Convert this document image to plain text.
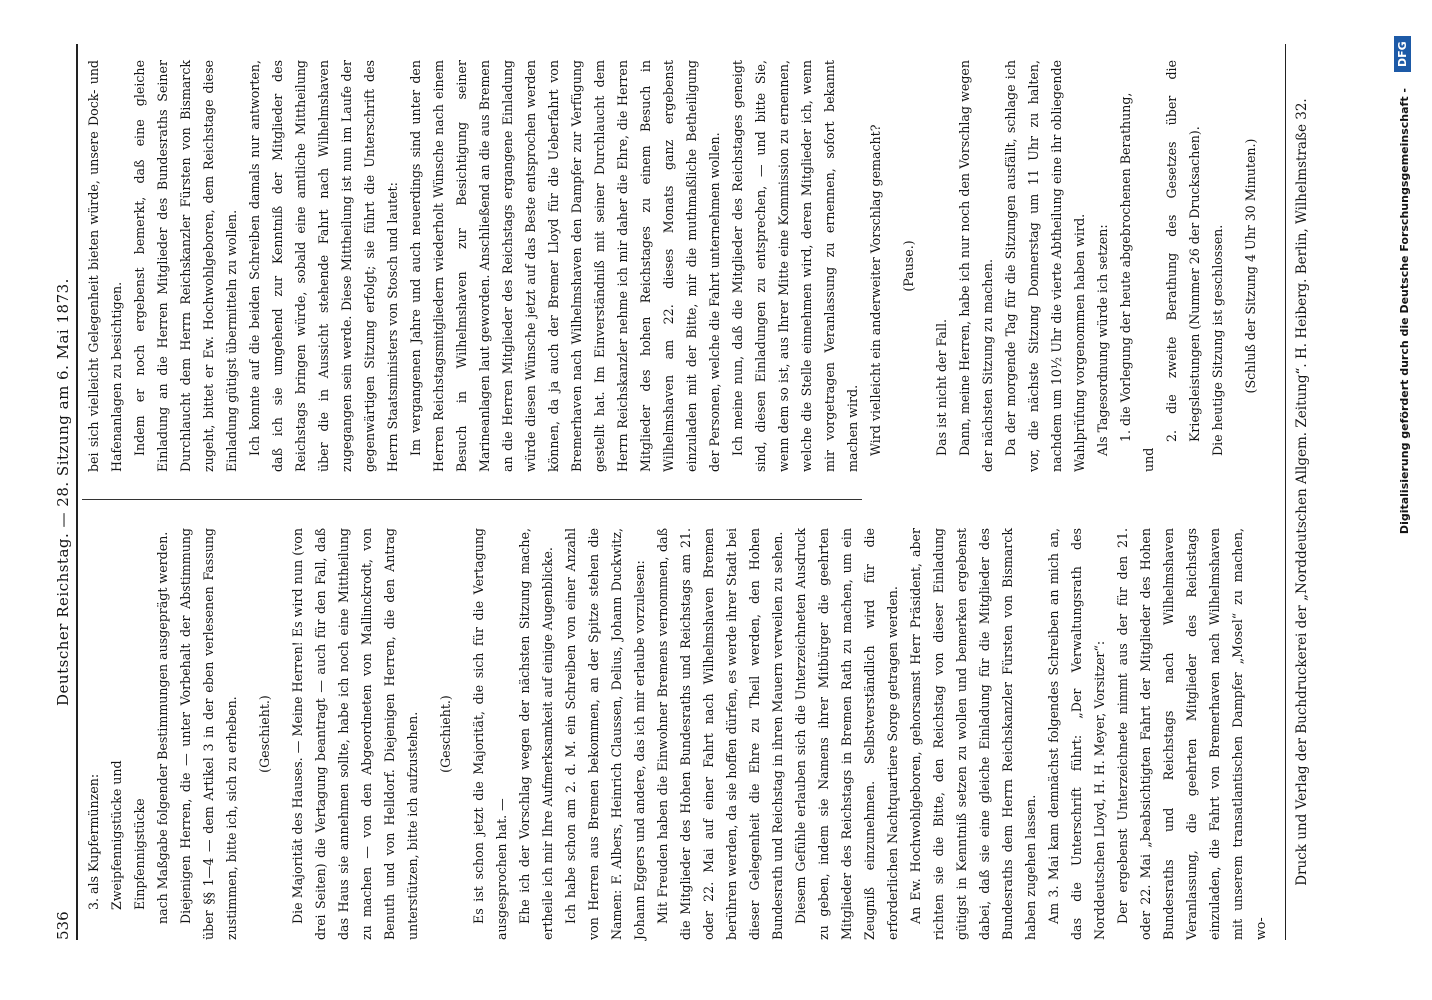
536
Deutscher Reichstag. — 28. Sitzung am 6. Mai 1873.

3. als Kupfermünzen: Zweipfennigstücke und Einpfennigstücke nach Maßgabe folgender Bestimmungen ausgeprägt werden. Diejenigen Herren, die — unter Vorbehalt der Abstimmung über §§ 1—4 — dem Artikel 3 in der eben verlesenen Fassung zustimmen, bitte ich, sich zu erheben.	(Geschieht.)	Die Majorität des Hauses. — Meine Herren! Es wird nun (von drei Seiten) die Vertagung beantragt — auch für den Fall, daß das Haus sie annehmen sollte, habe ich noch eine Mittheilung zu machen — von den Abgeordneten von Mallinckrodt, von Benuth und von Helldorf. Diejenigen Herren, die den Antrag unterstützen, bitte ich aufzustehen.	(Geschieht.)	Es ist schon jetzt die Majorität, die sich für die Vertagung ausgesprochen hat. — Ehe ich der Vorschlag wegen der nächsten Sitzung mache, ertheile ich mir Ihre Aufmerksamkeit auf einige Augenblicke. Ich habe schon am 2. d. M. ein Schreiben von einer Anzahl von Herren aus Bremen bekommen, an der Spitze stehen die Namen: F. Albers, Heinrich Claussen, Delius, Johann Duckwitz, Johann Eggers und andere, das ich mir erlaube vorzulesen: Mit Freuden haben die Einwohner Bremens vernommen, daß die Mitglieder des Hohen Bundesraths und Reichstags am 21. oder 22. Mai auf einer Fahrt nach Wilhelmshaven Bremen berühren werden, da sie hoffen dürfen, es werde ihrer Stadt bei dieser Gelegenheit die Ehre zu Theil werden, den Hohen Bundesrath und Reichstag in ihren Mauern verweilen zu sehen. Diesem Gefühle erlauben sich die Unterzeichneten Ausdruck zu geben, indem sie Namens ihrer Mitbürger die geehrten Mitglieder des Reichstags in Bremen Rath zu machen, um ein Zeugniß einzunehmen. Selbstverständlich wird für die erforderlichen Nachtquartiere Sorge getragen werden. An Ew. Hochwohlgeboren, gehorsamst Herr Präsident, aber richten sie die Bitte, den Reichstag von dieser Einladung gütigst in Kenntniß setzen zu wollen und bemerken ergebenst dabei, daß sie eine gleiche Einladung für die Mitglieder des Bundesraths dem Herrn Reichskanzler Fürsten von Bismarck haben zugehen lassen. Am 3. Mai kam demnächst folgendes Schreiben an mich an, das die Unterschrift führt: „Der Verwaltungsrath des Norddeutschen Lloyd, H. H. Meyer, Vorsitzer“: Der ergebenst Unterzeichnete nimmt aus der für den 21. oder 22. Mai „beabsichtigten Fahrt der Mitglieder des Hohen Bundesraths und Reichstags nach Wilhelmshaven Veranlassung, die geehrten Mitglieder des Reichstags einzuladen, die Fahrt von Bremerhaven nach Wilhelmshaven mit unserem transatlantischen Dampfer „Mosel“ zu machen, wo-

bei sich vielleicht Gelegenheit bieten würde, unsere Dock- und Hafenanlagen zu besichtigen. Indem er noch ergebenst bemerkt, daß eine gleiche Einladung an die Herren Mitglieder des Bundesraths Seiner Durchlaucht dem Herrn Reichskanzler Fürsten von Bismarck zugeht, bittet er Ew. Hochwohlgeboren, dem Reichstage diese Einladung gütigst übermitteln zu wollen. Ich konnte auf die beiden Schreiben damals nur antworten, daß ich sie umgehend zur Kenntniß der Mitglieder des Reichstags bringen würde, sobald eine amtliche Mittheilung über die in Aussicht stehende Fahrt nach Wilhelmshaven zugegangen sein werde. Diese Mittheilung ist nun im Laufe der gegenwärtigen Sitzung erfolgt; sie führt die Unterschrift des Herrn Staatsministers von Stosch und lautet: Im vergangenen Jahre und auch neuerdings sind unter den Herren Reichstagsmitgliedern wiederholt Wünsche nach einem Besuch in Wilhelmshaven zur Besichtigung seiner Marineanlagen laut geworden. Anschließend an die aus Bremen an die Herren Mitglieder des Reichstags ergangene Einladung würde diesen Wünsche jetzt auf das Beste entsprochen werden können, da ja auch der Bremer Lloyd für die Ueberfahrt von Bremerhaven nach Wilhelmshaven den Dampfer zur Verfügung gestellt hat. Im Einverständniß mit seiner Durchlaucht dem Herrn Reichskanzler nehme ich mir daher die Ehre, die Herren Mitglieder des hohen Reichstages zu einem Besuch in Wilhelmshaven am 22. dieses Monats ganz ergebenst einzuladen mit der Bitte, mir die muthmaßliche Betheiligung der Personen, welche die Fahrt unternehmen wollen. Ich meine nun, daß die Mitglieder des Reichstages geneigt sind, diesen Einladungen zu entsprechen, — und bitte Sie, wenn dem so ist, aus Ihrer Mitte eine Kommission zu ernennen, welche die Stelle einnehmen wird, deren Mitglieder ich, wenn mir vorgetragen Veranlassung zu ernennen, sofort bekannt machen wird. Wird vielleicht ein anderweiter Vorschlag gemacht?	(Pause.)

Das ist nicht der Fall. Dann, meine Herren, habe ich nur noch den Vorschlag wegen der nächsten Sitzung zu machen. Da der morgende Tag für die Sitzungen ausfällt, schlage ich vor, die nächste Sitzung Donnerstag um 11 Uhr zu halten, nachdem um 10½ Uhr die vierte Abtheilung eine ihr obliegende Wahlprüfung vorgenommen haben wird. Als Tagesordnung würde ich setzen: 1. die Vorlegung der heute abgebrochenen Berathung,

und

2. die zweite Berathung des Gesetzes über die Kriegsleistungen (Nummer 26 der Drucksachen). Die heutige Sitzung ist geschlossen.	(Schluß der Sitzung 4 Uhr 30 Minuten.)	Druck und Verlag der Buchdruckerei der „Norddeutschen Allgem. Zeitung“. H. Heiberg. Berlin, Wilhelmstraße 32.	Digitalisierung gefördert durch die Deutsche Forschungsgemeinschaft -
DFG
